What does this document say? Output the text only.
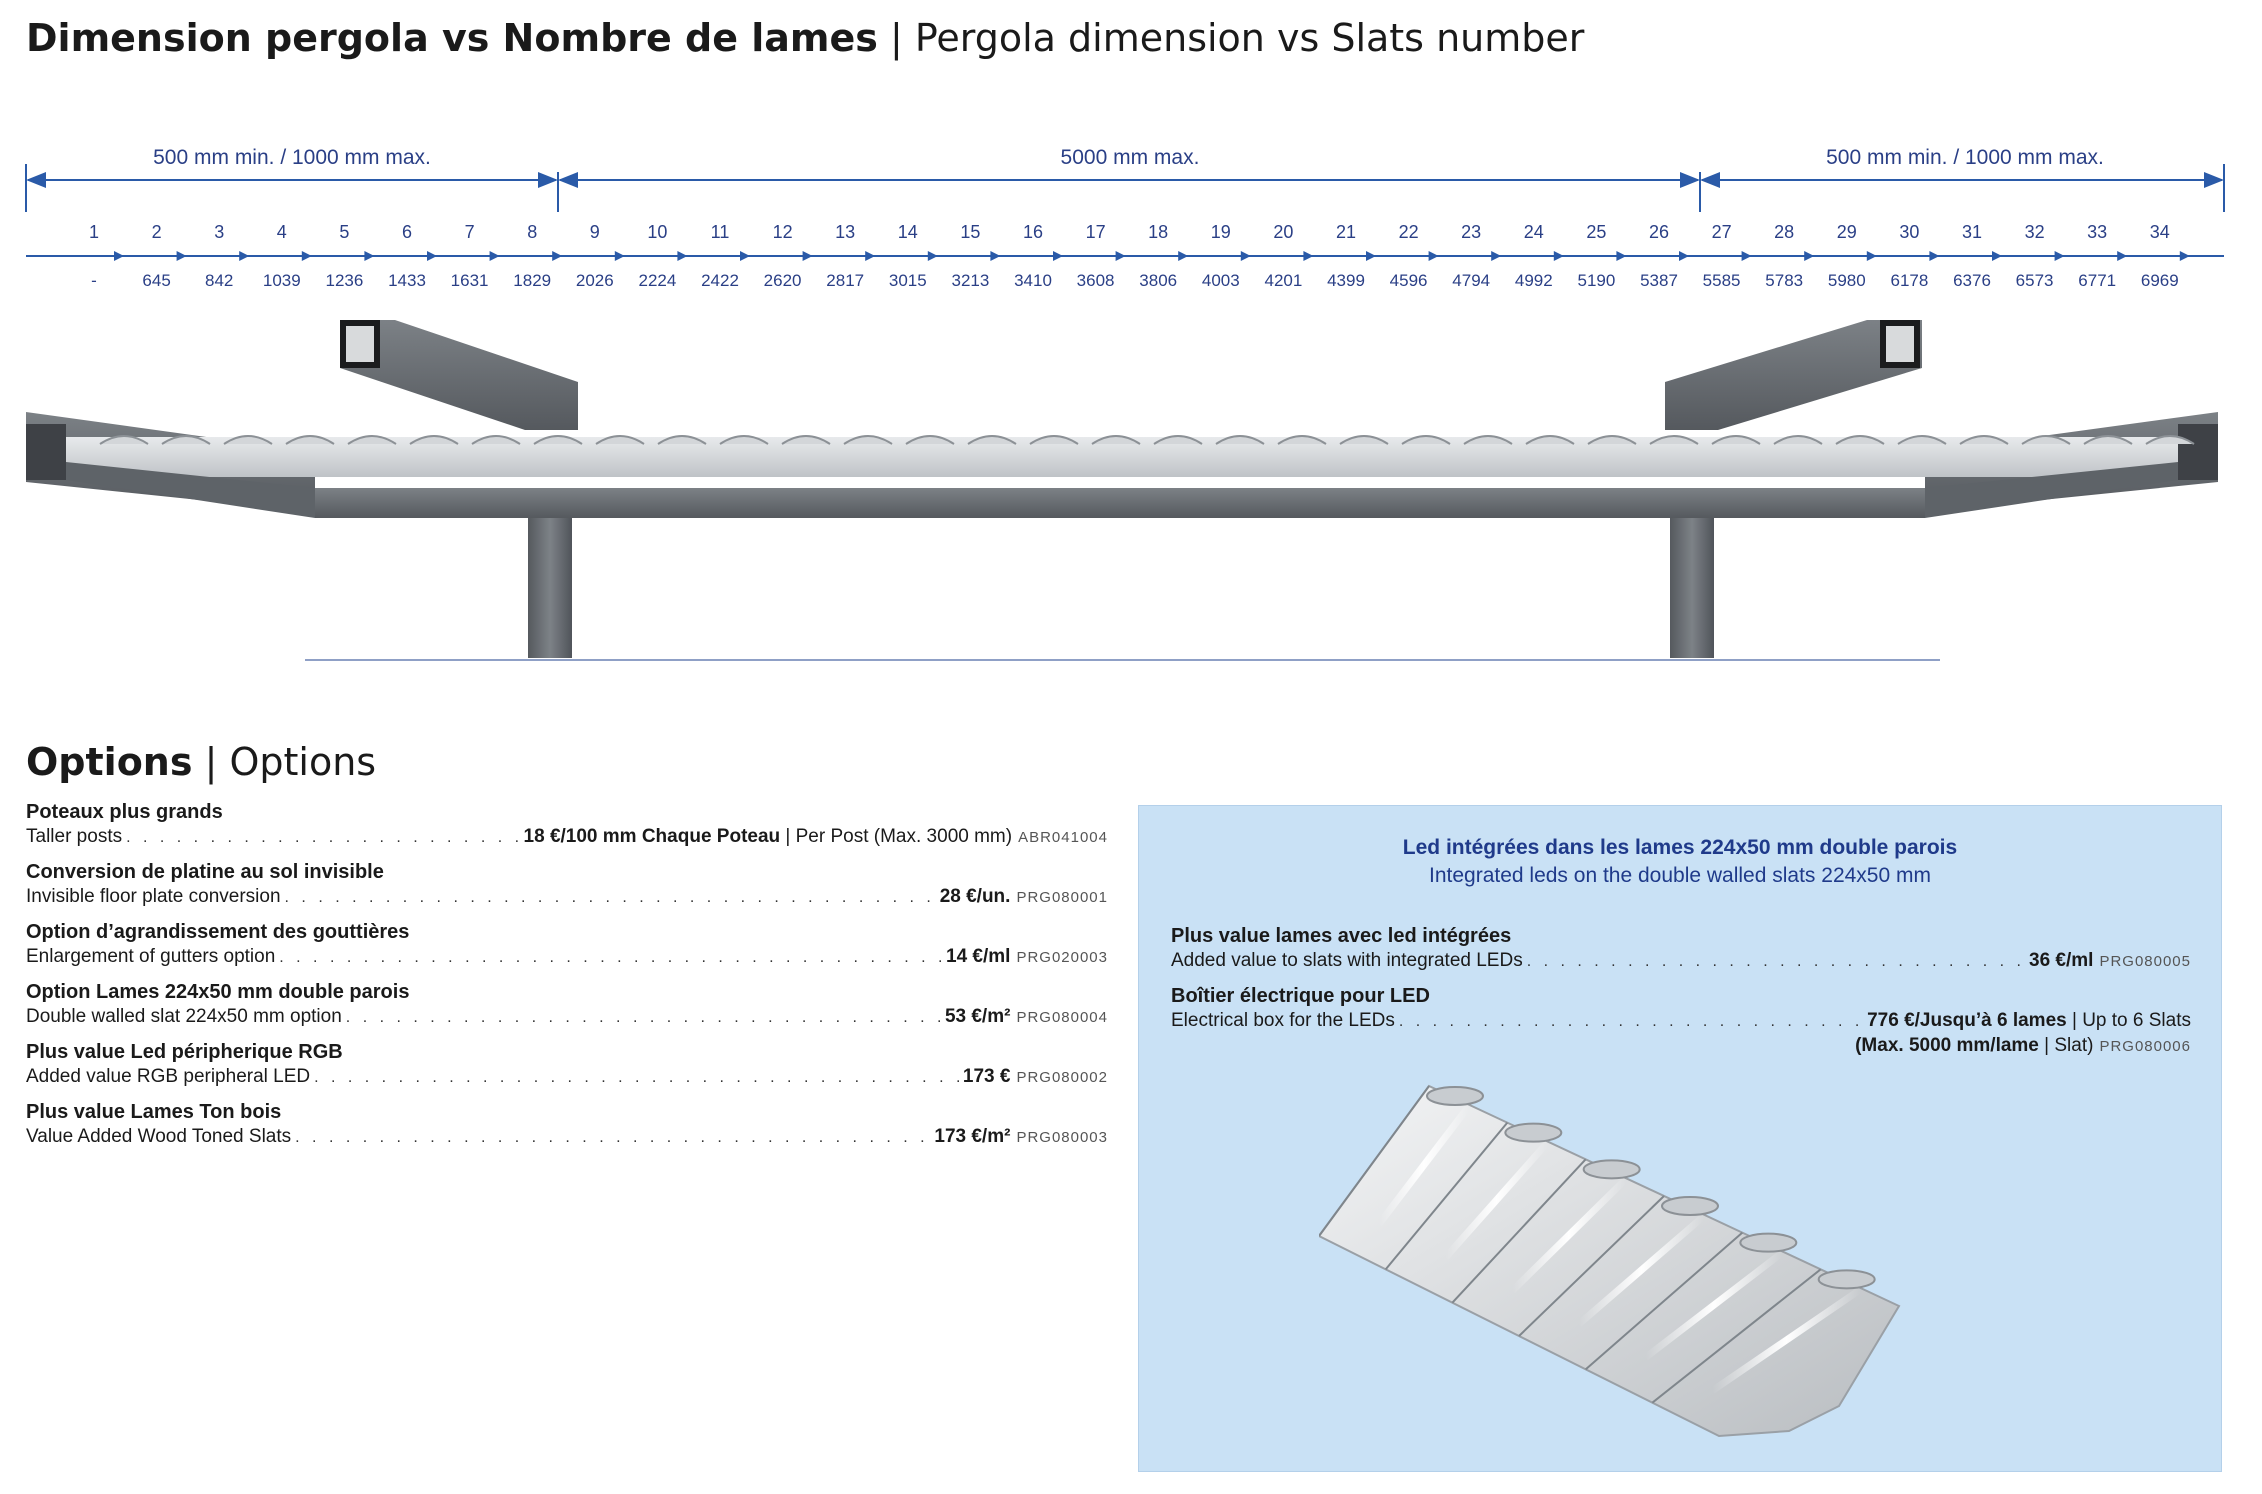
Dimension pergola vs Nombre de lames | Pergola dimension vs Slats number
500 mm min. / 1000 mm max.	5000 mm max.	500 mm min. / 1000 mm max.
1	2	3	4	5	6	7	8	9	10 11 12 13 14 15 16 17 18 19 20 21 22 23 24 25 26 27 28 29 30 31 32 33 34
-	645 842 1039 1236 1433 1631 1829 2026 2224 2422 2620 2817 3015 3213 3410 3608 3806 4003 4201 4399 4596 4794 4992 5190 5387 5585 5783 5980 6178 6376 6573 6771 6969
Options | Options
Poteaux plus grands
Taller posts . . .	18 €/100 mm Chaque Poteau | Per Post (Max. 3000 mm) ABR041004
Conversion de platine au sol invisible
Invisible floor plate conversion . . .	28 €/un. PRG080001
Option d’agrandissement des gouttières
Enlargement of gutters option . . .	14 €/ml PRG020003
Option Lames 224x50 mm double parois
Double walled slat 224x50 mm option . . .	53 €/m² PRG080004
Plus value Led péripherique RGB
Added value RGB peripheral LED . . .	173 € PRG080002
Plus value Lames Ton bois
Value Added Wood Toned Slats . . .	173 €/m² PRG080003
Led intégrées dans les lames 224x50 mm double parois
Integrated leds on the double walled slats 224x50 mm
Plus value lames avec led intégrées
Added value to slats with integrated LEDs . . .	36 €/ml PRG080005
Boîtier électrique pour LED
Electrical box for the LEDs . . .	776 €/Jusqu’à 6 lames | Up to 6 Slats
(Max. 5000 mm/lame | Slat) PRG080006
